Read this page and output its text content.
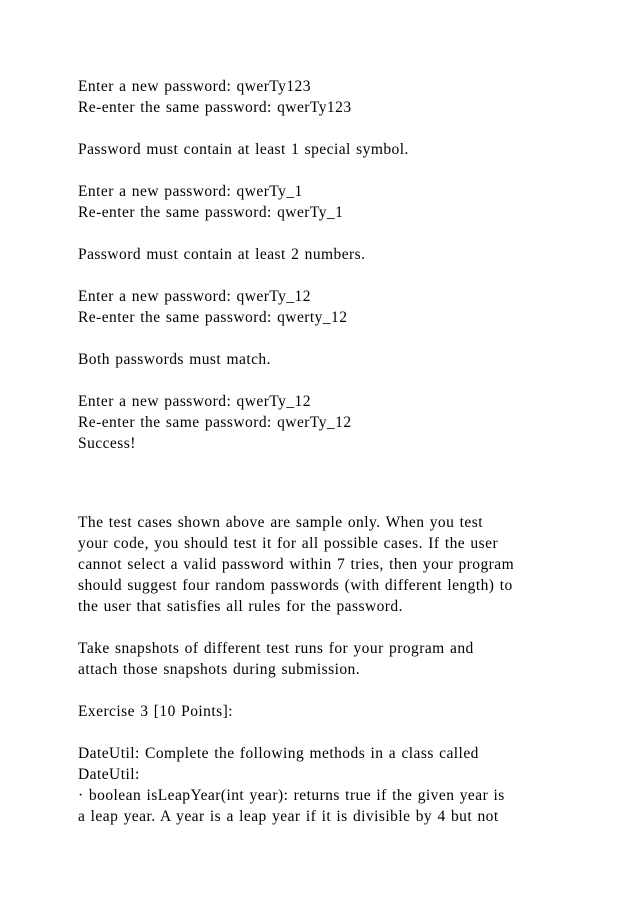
Enter a new password: qwerTy123
Re-enter the same password: qwerTy123
Password must contain at least 1 special symbol.
Enter a new password: qwerTy_1
Re-enter the same password: qwerTy_1
Password must contain at least 2 numbers.
Enter a new password: qwerTy_12
Re-enter the same password: qwerty_12
Both passwords must match.
Enter a new password: qwerTy_12
Re-enter the same password: qwerTy_12
Success!
The test cases shown above are sample only. When you test
your code, you should test it for all possible cases. If the user
cannot select a valid password within 7 tries, then your program
should suggest four random passwords (with different length) to
the user that satisfies all rules for the password.
Take snapshots of different test runs for your program and
attach those snapshots during submission.
Exercise 3 [10 Points]:
DateUtil: Complete the following methods in a class called
DateUtil:
· boolean isLeapYear(int year): returns true if the given year is
a leap year. A year is a leap year if it is divisible by 4 but not
